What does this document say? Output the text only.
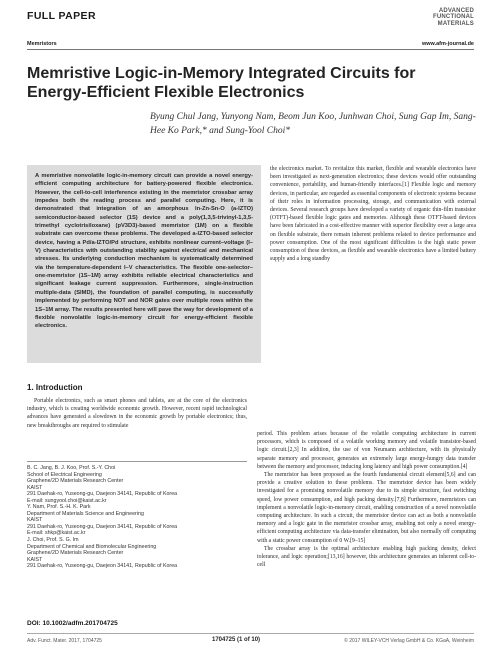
FULL PAPER	ADVANCED
FUNCTIONAL
MATERIALS
Memristors	www.afm-journal.de
Memristive Logic-in-Memory Integrated Circuits for Energy-Efficient Flexible Electronics
Byung Chul Jang, Yunyong Nam, Beom Jun Koo, Junhwan Choi, Sung Gap Im, Sang-Hee Ko Park,* and Sung-Yool Choi*
A memristive nonvolatile logic-in-memory circuit can provide a novel energy-efficient computing architecture for battery-powered flexible electronics. However, the cell-to-cell interference existing in the memristor crossbar array impedes both the reading process and parallel computing. Here, it is demonstrated that integration of an amorphous In-Zn-Sn-O (a-IZTO) semiconductor-based selector (1S) device and a poly(1,3,5-trivinyl-1,3,5-trimethyl cyclotrisiloxane) (pV3D3)-based memristor (1M) on a flexible substrate can overcome these problems. The developed a-IZTO-based selector device, having a Pd/a-IZTO/Pd structure, exhibits nonlinear current–voltage (I–V) characteristics with outstanding stability against electrical and mechanical stresses. Its underlying conduction mechanism is systematically determined via the temperature-dependent I–V characteristics. The flexible one-selector–one-memristor (1S–1M) array exhibits reliable electrical characteristics and significant leakage current suppression. Furthermore, single-instruction multiple-data (SIMD), the foundation of parallel computing, is successfully implemented by performing NOT and NOR gates over multiple rows within the 1S–1M array. The results presented here will pave the way for development of a flexible nonvolatile logic-in-memory circuit for energy-efficient flexible electronics.

the electronics market. To revitalize this market, flexible and wearable electronics have been investigated as next-generation electronics; these devices would offer outstanding convenience, portability, and human-friendly interfaces.[1] Flexible logic and memory devices, in particular, are regarded as essential components of electronic systems because of their roles in information processing, storage, and communication with external devices. Several research groups have developed a variety of organic thin-film transistor (OTFT)-based flexible logic gates and memories. Although these OTFT-based devices have been fabricated in a cost-effective manner with superior flexibility over a large area on flexible substrate, there remain inherent problems related to device performance and power consumption. One of the most significant difficulties is the high static power consumption of these devices, as flexible and wearable electronics have a limited battery supply and a long standby

1. Introduction

Portable electronics, such as smart phones and tablets, are at the core of the electronics industry, which is creating worldwide economic growth. However, recent rapid technological advances have generated a slowdown in the economic growth by portable electronics; thus, new breakthroughs are required to stimulate

period. This problem arises because of the volatile computing architecture in current processors, which is composed of a volatile working memory and volatile transistor-based logic circuit.[2,3] In addition, the use of von Neumann architecture, with its physically separate memory and processor, generates an extremely large energy-hungry data transfer between the memory and processor, inducing long latency and high power consumption.[4]

The memristor has been proposed as the fourth fundamental circuit element[5,6] and can provide a creative solution to these problems. The memristor device has been widely investigated for a promising nonvolatile memory due to its simple structure, fast switching speed, low power consumption, and high packing density.[7,8] Furthermore, memristors can implement a nonvolatile logic-in-memory circuit, enabling construction of a novel nonvolatile computing architecture. In such a circuit, the memristor device can act as both a nonvolatile memory and a logic gate in the memristor crossbar array, enabling not only a novel energy-efficient computing architecture via data-transfer elimination, but also normally off computing with a static power consumption of 0 W.[9–15]

The crossbar array is the optimal architecture enabling high packing density, defect tolerance, and logic operation;[13,16] however, this architecture generates an inherent cell-to-cell

B. C. Jang, B. J. Koo, Prof. S.-Y. Choi
School of Electrical Engineering
Graphene/2D Materials Research Center
KAIST
291 Daehak-ro, Yuseong-gu, Daejeon 34141, Republic of Korea
E-mail: sungyool.choi@kaist.ac.kr
Y. Nam, Prof. S.-H. K. Park
Department of Materials Science and Engineering
KAIST
291 Daehak-ro, Yuseong-gu, Daejeon 34141, Republic of Korea
E-mail: shkp@kaist.ac.kr
J. Choi, Prof. S. G. Im
Department of Chemical and Biomolecular Engineering
Graphene/2D Materials Research Center
KAIST
291 Daehak-ro, Yuseong-gu, Daejeon 34141, Republic of Korea
DOI: 10.1002/adfm.201704725
Adv. Funct. Mater. 2017, 1704725	1704725 (1 of 10)	© 2017 WILEY-VCH Verlag GmbH & Co. KGaA, Weinheim
